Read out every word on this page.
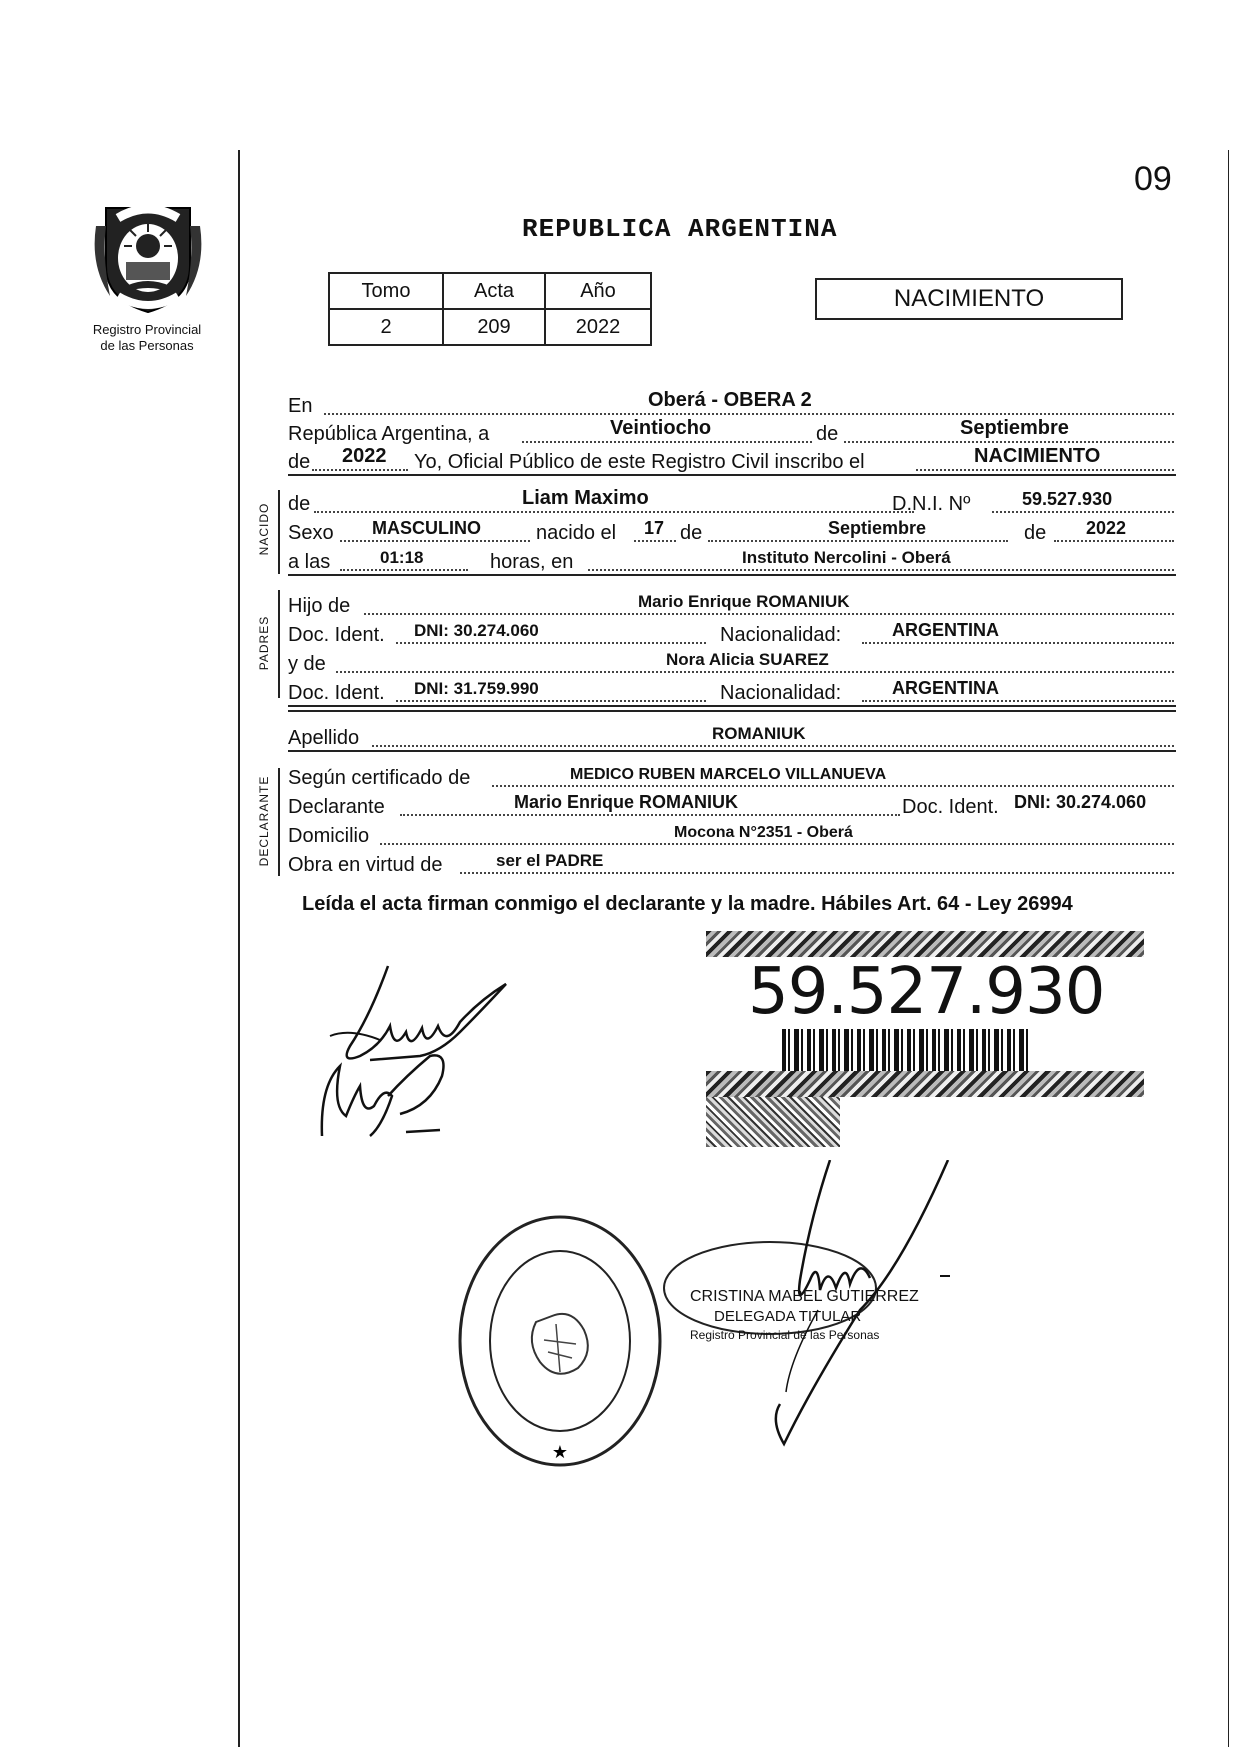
Registro Provincial
de las Personas
09
REPUBLICA ARGENTINA
Tomo	Acta	Año
2	209	2022
NACIMIENTO
En	Oberá - OBERA 2
República Argentina, a	Veintiocho	de	Septiembre
de 2022 Yo, Oficial Público de este Registro Civil inscribo el	NACIMIENTO
NACIDO de	Liam Maximo	D.N.I. Nº	59.527.930
Sexo MASCULINO	nacido el 17 de	Septiembre	de 2022
a las	01:18	horas, en	Instituto Nercolini - Oberá
PADRES
Hijo de	Mario Enrique ROMANIUK
Doc. Ident. DNI: 30.274.060	Nacionalidad:	ARGENTINA
y de	Nora Alicia SUAREZ
Doc. Ident. DNI: 31.759.990	Nacionalidad:	ARGENTINA
Apellido	ROMANIUK
DECLARANTE Según certificado de	MEDICO RUBEN MARCELO VILLANUEVA
Declarante	Mario Enrique ROMANIUK	Doc. Ident. DNI: 30.274.060
Domicilio	Mocona N°2351 - Oberá
Obra en virtud de	ser el PADRE
Leída el acta firman conmigo el declarante y la madre. Hábiles Art. 64 - Ley 26994
59.527.930
★
CRISTINA MABEL GUTIERREZ
DELEGADA TITULAR
Registro Provincial de las Personas
